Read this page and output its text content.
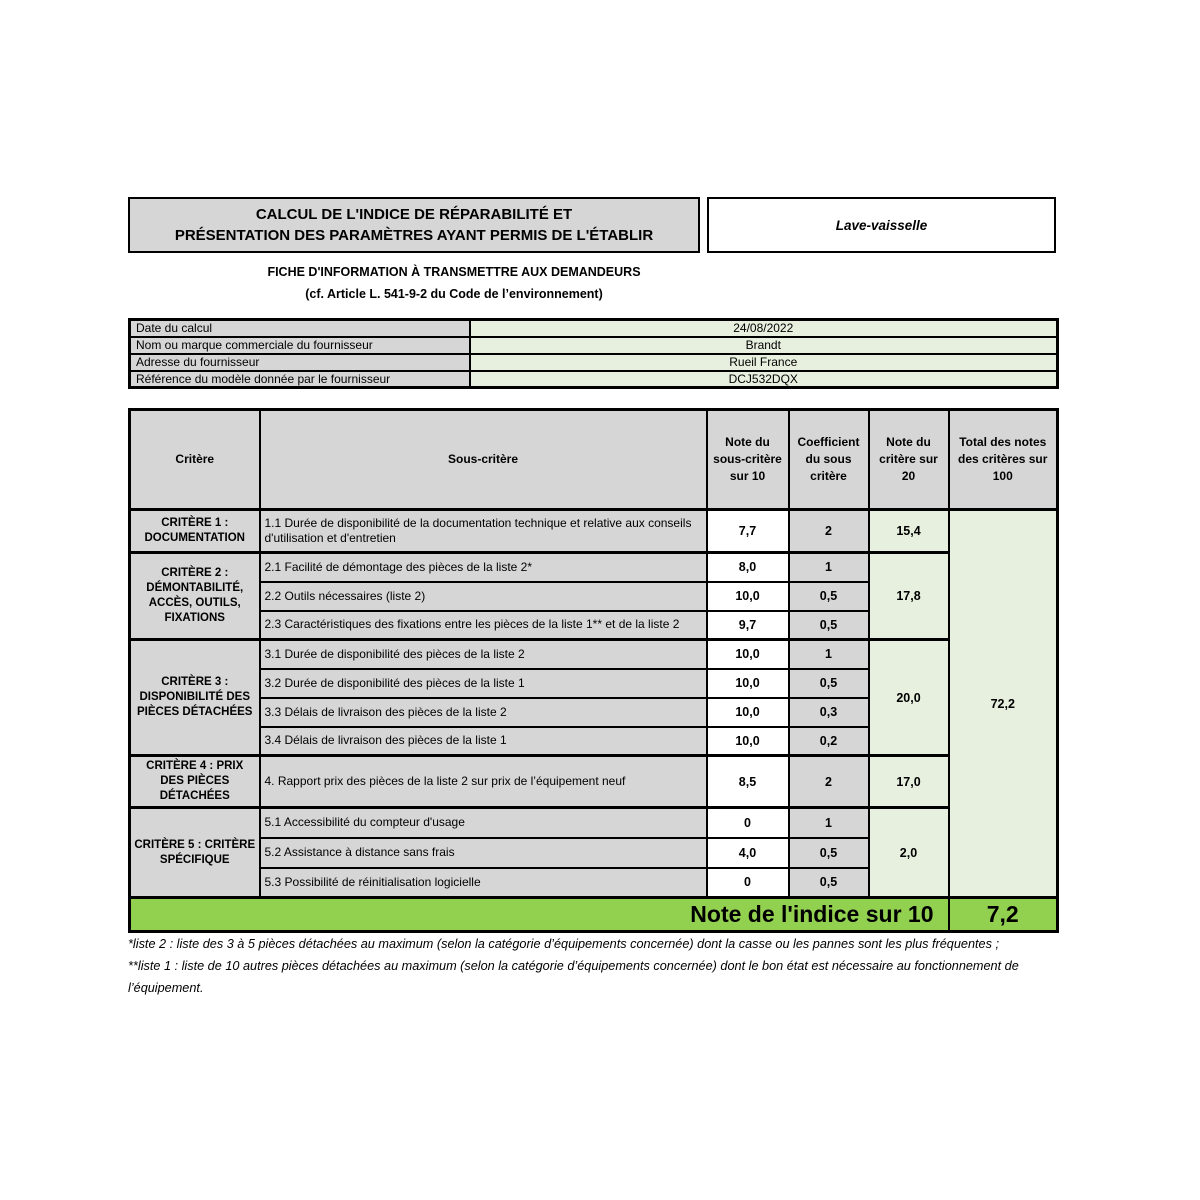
CALCUL DE L'INDICE DE RÉPARABILITÉ ET
PRÉSENTATION DES PARAMÈTRES AYANT PERMIS DE L'ÉTABLIR
Lave-vaisselle
FICHE D'INFORMATION À TRANSMETTRE AUX DEMANDEURS
(cf. Article L. 541-9-2 du Code de l’environnement)
Date du calcul	24/08/2022
Nom ou marque commerciale du fournisseur	Brandt
Adresse du fournisseur	Rueil France
Référence du modèle donnée par le fournisseur	DCJ532DQX
Critère	Sous-critère	Note du sous-critère sur 10	Coefficient du sous critère	Note du critère sur 20	Total des notes des critères sur 100
CRITÈRE 1 : DOCUMENTATION	1.1 Durée de disponibilité de la documentation technique et relative aux conseils d'utilisation et d'entretien	7,7	2	15,4	72,2
CRITÈRE 2 : DÉMONTABILITÉ, ACCÈS, OUTILS, FIXATIONS	2.1 Facilité de démontage des pièces de la liste 2*	8,0	1	17,8	
	2.2 Outils nécessaires (liste 2)	10,0	0,5		
	2.3 Caractéristiques des fixations entre les pièces de la liste 1** et de la liste 2	9,7	0,5		
CRITÈRE 3 : DISPONIBILITÉ DES PIÈCES DÉTACHÉES	3.1 Durée de disponibilité des pièces de la liste 2	10,0	1	20,0	
	3.2 Durée de disponibilité des pièces de la liste 1	10,0	0,5		
	3.3 Délais de livraison des pièces de la liste 2	10,0	0,3		
	3.4 Délais de livraison des pièces de la liste 1	10,0	0,2		
CRITÈRE 4 : PRIX DES PIÈCES DÉTACHÉES	4. Rapport prix des pièces de la liste 2 sur prix de l’équipement neuf	8,5	2	17,0	
CRITÈRE 5 : CRITÈRE SPÉCIFIQUE	5.1 Accessibilité du compteur d'usage	0	1	2,0	
	5.2 Assistance à distance sans frais	4,0	0,5		
	5.3 Possibilité de réinitialisation logicielle	0	0,5		
Note de l'indice sur 10					7,2

*liste 2 : liste des 3 à 5 pièces détachées au maximum (selon la catégorie d’équipements concernée) dont la casse ou les pannes sont les plus fréquentes ;

**liste 1 : liste de 10 autres pièces détachées au maximum (selon la catégorie d’équipements concernée) dont le bon état est nécessaire au fonctionnement de l’équipement.
